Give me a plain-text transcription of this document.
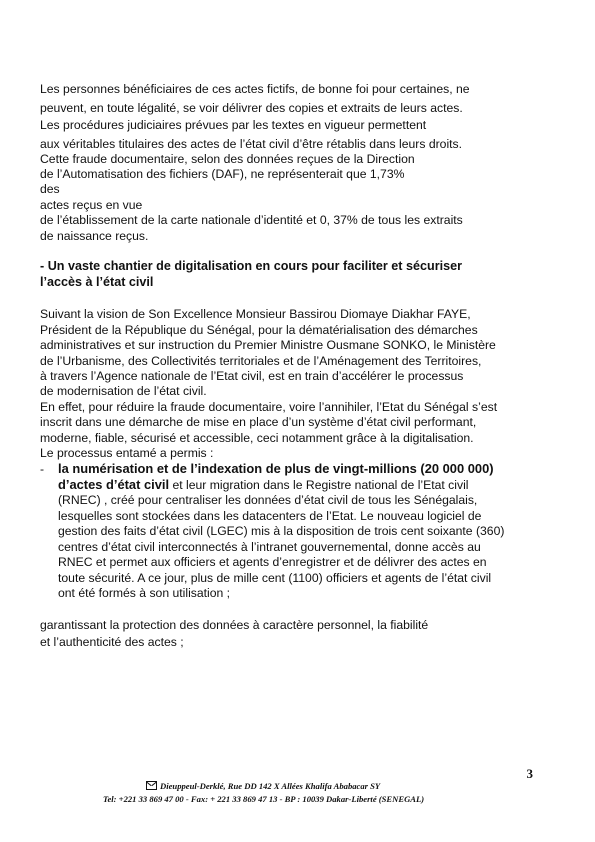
Les personnes bénéficiaires de ces actes fictifs, de bonne foi pour certaines, ne
peuvent, en toute légalité, se voir délivrer des copies et extraits de leurs actes.
Les procédures judiciaires prévues par les textes en vigueur permettent
aux véritables titulaires des actes de l’état civil d’être rétablis dans leurs droits.
Cette fraude documentaire, selon des données reçues de la Direction
de l’Automatisation des fichiers (DAF), ne représenterait que 1,73%
des
actes reçus en vue
de l’établissement de la carte nationale d’identité et 0, 37% de tous les extraits
de naissance reçus.
- Un vaste chantier de digitalisation en cours pour faciliter et sécuriser
l’accès à l’état civil
Suivant la vision de Son Excellence Monsieur Bassirou Diomaye Diakhar FAYE,
Président de la République du Sénégal, pour la dématérialisation des démarches
administratives et sur instruction du Premier Ministre Ousmane SONKO, le Ministère
de l’Urbanisme, des Collectivités territoriales et de l’Aménagement des Territoires,
à travers l’Agence nationale de l’Etat civil, est en train d’accélérer le processus
de modernisation de l’état civil.
En effet, pour réduire la fraude documentaire, voire l’annihiler, l’Etat du Sénégal s’est
inscrit dans une démarche de mise en place d’un système d’état civil performant,
moderne, fiable, sécurisé et accessible, ceci notamment grâce à la digitalisation.
Le processus entamé a permis :
- la numérisation et de l’indexation de plus de vingt-millions (20 000 000)
d’actes d’état civil et leur migration dans le Registre national de l’Etat civil
(RNEC) , créé pour centraliser les données d’état civil de tous les Sénégalais,
lesquelles sont stockées dans les datacenters de l’Etat. Le nouveau logiciel de
gestion des faits d’état civil (LGEC) mis à la disposition de trois cent soixante (360)
centres d’état civil interconnectés à l’intranet gouvernemental, donne accès au
RNEC et permet aux officiers et agents d’enregistrer et de délivrer des actes en
toute sécurité. A ce jour, plus de mille cent (1100) officiers et agents de l’état civil
ont été formés à son utilisation ;
garantissant la protection des données à caractère personnel, la fiabilité
et l’authenticité des actes ;
3
Dieuppeul-Derklé, Rue DD 142 X Allées Khalifa Ababacar SY
Tel: +221 33 869 47 00 - Fax: + 221 33 869 47 13 - BP : 10039 Dakar-Liberté (SENEGAL)
